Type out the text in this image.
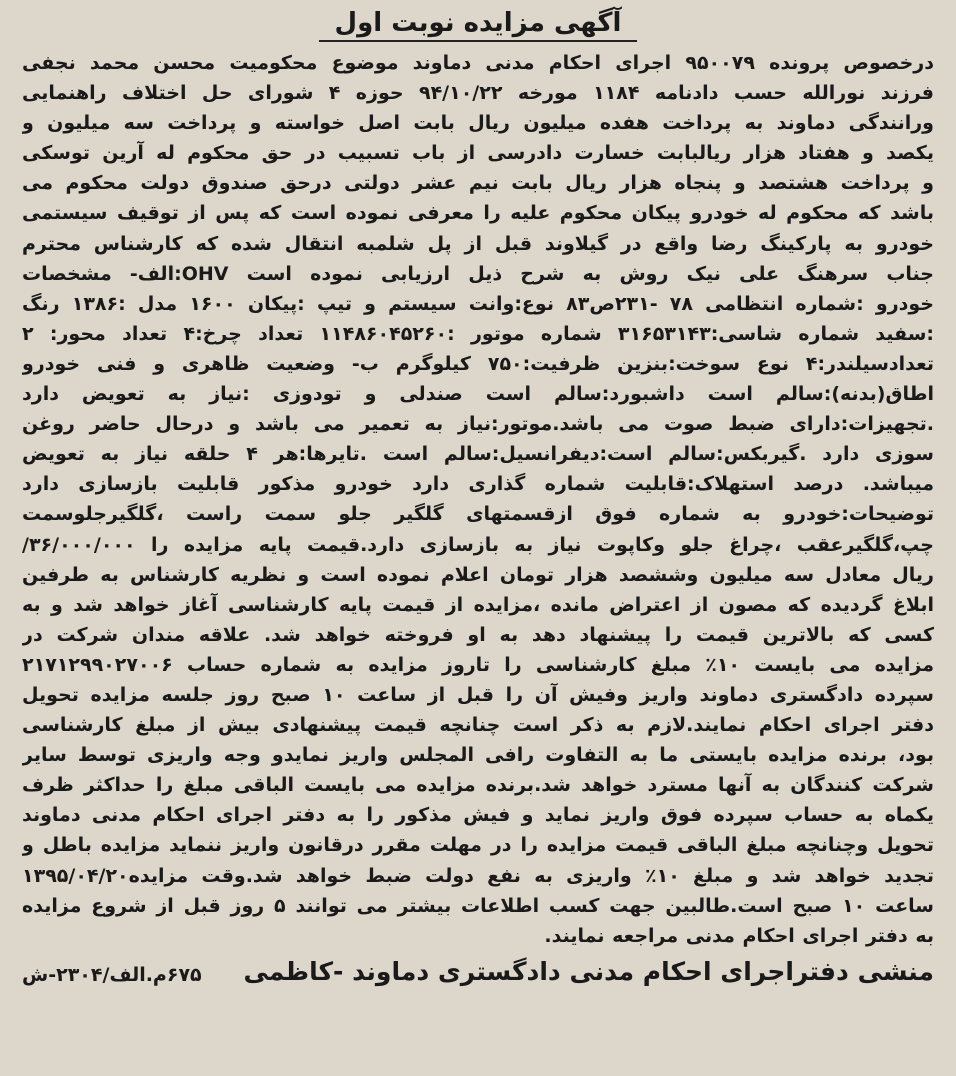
آگهی مزایده نوبت اول
درخصوص پرونده ۹۵۰۰۷۹ اجرای احکام مدنی دماوند موضوع محکومیت محسن محمد نجفی
فرزند نورالله حسب دادنامه ۱۱۸۴ مورخه ۹۴/۱۰/۲۲ حوزه ۴ شورای حل اختلاف راهنمایی
ورانندگی دماوند به پرداخت هفده میلیون ریال بابت اصل خواسته و پرداخت سه میلیون و
یکصد و هفتاد هزار ریالبابت خسارت دادرسی از باب تسبیب در حق محکوم له آرین توسکی
و پرداخت هشتصد و پنجاه هزار ریال بابت نیم عشر دولتی درحق صندوق دولت محکوم می
باشد که محکوم له خودرو پیکان محکوم علیه را معرفی نموده است که پس از توقیف سیستمی
خودرو به پارکینگ رضا واقع در گیلاوند قبل از پل شلمبه انتقال شده که کارشناس محترم
جناب سرهنگ علی نیک روش به شرح ذیل ارزیابی نموده است OHV:الف- مشخصات
خودرو :شماره انتظامی ۷۸ -۲۳۱ص۸۳ نوع:وانت سیستم و تیپ :پیکان ۱۶۰۰ مدل :۱۳۸۶ رنگ
:سفید شماره شاسی:۳۱۶۵۳۱۴۳ شماره موتور :۱۱۴۸۶۰۴۵۲۶۰ تعداد چرخ:۴ تعداد محور: ۲
تعدادسیلندر:۴ نوع سوخت:بنزین ظرفیت:۷۵۰ کیلوگرم ب- وضعیت ظاهری و فنی خودرو
اطاق(بدنه):سالم است داشبورد:سالم است صندلی و تودوزی :نیاز به تعویض دارد
.تجهیزات:دارای ضبط صوت می باشد.موتور:نیاز به تعمیر می باشد و درحال حاضر روغن
سوزی دارد .گیربکس:سالم است:دیفرانسیل:سالم است .تایرها:هر ۴ حلقه نیاز به تعویض
میباشد. درصد استهلاک:قابلیت شماره گذاری دارد خودرو مذکور قابلیت بازسازی دارد
توضیحات:خودرو به شماره فوق ازقسمتهای گلگیر جلو سمت راست ،گلگیرجلوسمت
چپ،گلگیرعقب ،چراغ جلو وکاپوت نیاز به بازسازی دارد.قیمت پایه مزایده را ۳۶/۰۰۰/۰۰۰/
ریال معادل سه میلیون وششصد هزار تومان اعلام نموده است و نظریه کارشناس به طرفین
ابلاغ گردیده که مصون از اعتراض مانده ،مزایده از قیمت پایه کارشناسی آغاز خواهد شد و به
کسی که بالاترین قیمت را پیشنهاد دهد به او فروخته خواهد شد. علاقه مندان شرکت در
مزایده می بایست ۱۰٪ مبلغ کارشناسی را تاروز مزایده به شماره حساب ۲۱۷۱۲۹۹۰۲۷۰۰۶
سپرده دادگستری دماوند واریز وفیش آن را قبل از ساعت ۱۰ صبح روز جلسه مزایده تحویل
دفتر اجرای احکام نمایند.لازم به ذکر است چنانچه قیمت پیشنهادی بیش از مبلغ کارشناسی
بود، برنده مزایده بایستی ما به التفاوت رافی المجلس واریز نمایدو وجه واریزی توسط سایر
شرکت کنندگان به آنها مسترد خواهد شد.برنده مزایده می بایست الباقی مبلغ را حداکثر ظرف
یکماه به حساب سپرده فوق واریز نماید و فیش مذکور را به دفتر اجرای احکام مدنی دماوند
تحویل وچنانچه مبلغ الباقی قیمت مزایده را در مهلت مقرر درقانون واریز ننماید مزایده باطل و
تجدید خواهد شد و مبلغ ۱۰٪ واریزی به نفع دولت ضبط خواهد شد.وقت مزایده۱۳۹۵/۰۴/۲۰
ساعت ۱۰ صبح است.طالبین جهت کسب اطلاعات بیشتر می توانند ۵ روز قبل از شروع مزایده
به دفتر اجرای احکام مدنی مراجعه نمایند.
منشی دفتراجرای احکام مدنی دادگستری دماوند -کاظمی
۶۷۵م.الف/۲۳۰۴-ش
